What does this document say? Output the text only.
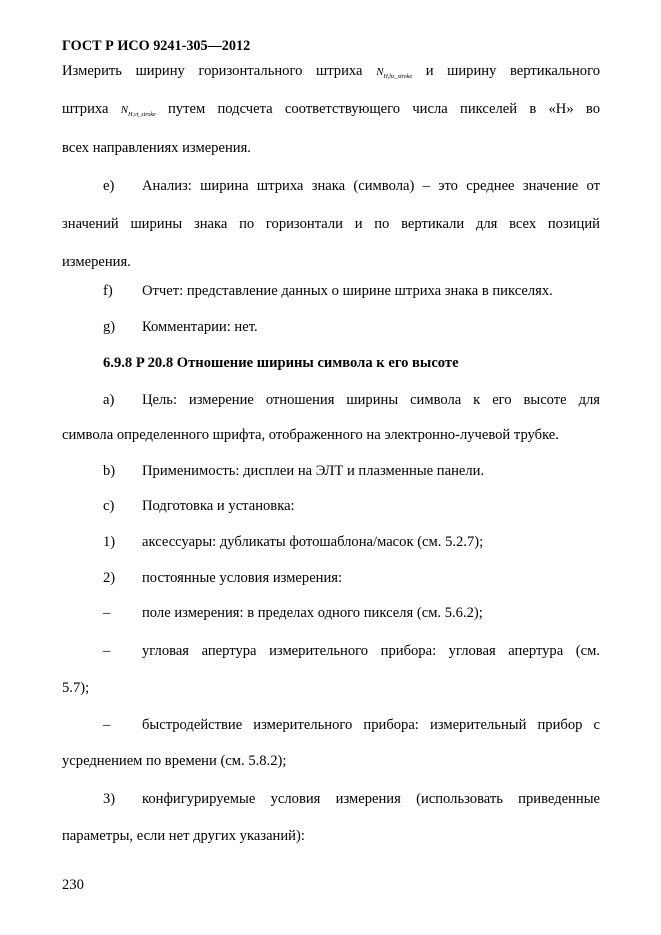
ГОСТ Р ИСО 9241-305—2012
Измерить ширину горизонтального штриха $N_{H,hz\_stroke}$ и ширину вертикального
штриха $N_{H,vt\_stroke}$ путем подсчета соответствующего числа пикселей в «H» во
всех направлениях измерения.
e) Анализ: ширина штриха знака (символа) – это среднее значение от
значений ширины знака по горизонтали и по вертикали для всех позиций
измерения.
f) Отчет: представление данных о ширине штриха знака в пикселях.
g) Комментарии: нет.
6.9.8 P 20.8 Отношение ширины символа к его высоте
a) Цель: измерение отношения ширины символа к его высоте для
символа определенного шрифта, отображенного на электронно-лучевой трубке.
b) Применимость: дисплеи на ЭЛТ и плазменные панели.
c) Подготовка и установка:
1) аксессуары: дубликаты фотошаблона/масок (см. 5.2.7);
2) постоянные условия измерения:
– поле измерения: в пределах одного пикселя (см. 5.6.2);
– угловая апертура измерительного прибора: угловая апертура (см.
5.7);
– быстродействие измерительного прибора: измерительный прибор с
усреднением по времени (см. 5.8.2);
3) конфигурируемые условия измерения (использовать приведенные
параметры, если нет других указаний):
230
